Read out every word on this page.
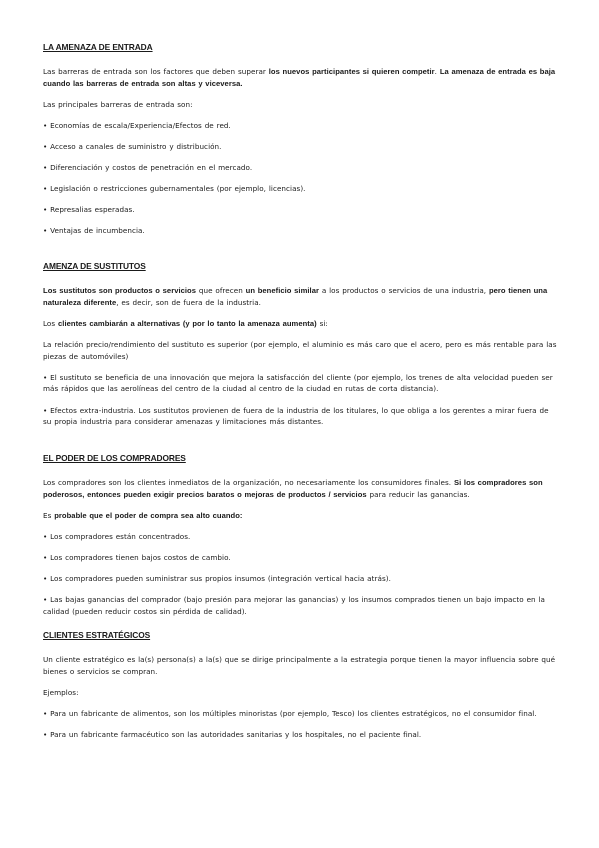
LA AMENAZA DE ENTRADA

Las barreras de entrada son los factores que deben superar los nuevos participantes si quieren competir. La amenaza de entrada es baja cuando las barreras de entrada son altas y viceversa.

Las principales barreras de entrada son:

• Economías de escala/Experiencia/Efectos de red.

• Acceso a canales de suministro y distribución.

• Diferenciación y costos de penetración en el mercado.

• Legislación o restricciones gubernamentales (por ejemplo, licencias).

• Represalias esperadas.

• Ventajas de incumbencia.

AMENZA DE SUSTITUTOS

Los sustitutos son productos o servicios que ofrecen un beneficio similar a los productos o servicios de una industria, pero tienen una naturaleza diferente, es decir, son de fuera de la industria.

Los clientes cambiarán a alternativas (y por lo tanto la amenaza aumenta) si:

La relación precio/rendimiento del sustituto es superior (por ejemplo, el aluminio es más caro que el acero, pero es más rentable para las piezas de automóviles)

• El sustituto se beneficia de una innovación que mejora la satisfacción del cliente (por ejemplo, los trenes de alta velocidad pueden ser más rápidos que las aerolíneas del centro de la ciudad al centro de la ciudad en rutas de corta distancia).

• Efectos extra-industria. Los sustitutos provienen de fuera de la industria de los titulares, lo que obliga a los gerentes a mirar fuera de su propia industria para considerar amenazas y limitaciones más distantes.

EL PODER DE LOS COMPRADORES

Los compradores son los clientes inmediatos de la organización, no necesariamente los consumidores finales. Si los compradores son poderosos, entonces pueden exigir precios baratos o mejoras de productos / servicios para reducir las ganancias.

Es probable que el poder de compra sea alto cuando:

• Los compradores están concentrados.

• Los compradores tienen bajos costos de cambio.

• Los compradores pueden suministrar sus propios insumos (integración vertical hacia atrás).

• Las bajas ganancias del comprador (bajo presión para mejorar las ganancias) y los insumos comprados tienen un bajo impacto en la calidad (pueden reducir costos sin pérdida de calidad).

CLIENTES ESTRATÉGICOS

Un cliente estratégico es la(s) persona(s) a la(s) que se dirige principalmente a la estrategia porque tienen la mayor influencia sobre qué bienes o servicios se compran.

Ejemplos:

• Para un fabricante de alimentos, son los múltiples minoristas (por ejemplo, Tesco) los clientes estratégicos, no el consumidor final.

• Para un fabricante farmacéutico son las autoridades sanitarias y los hospitales, no el paciente final.
